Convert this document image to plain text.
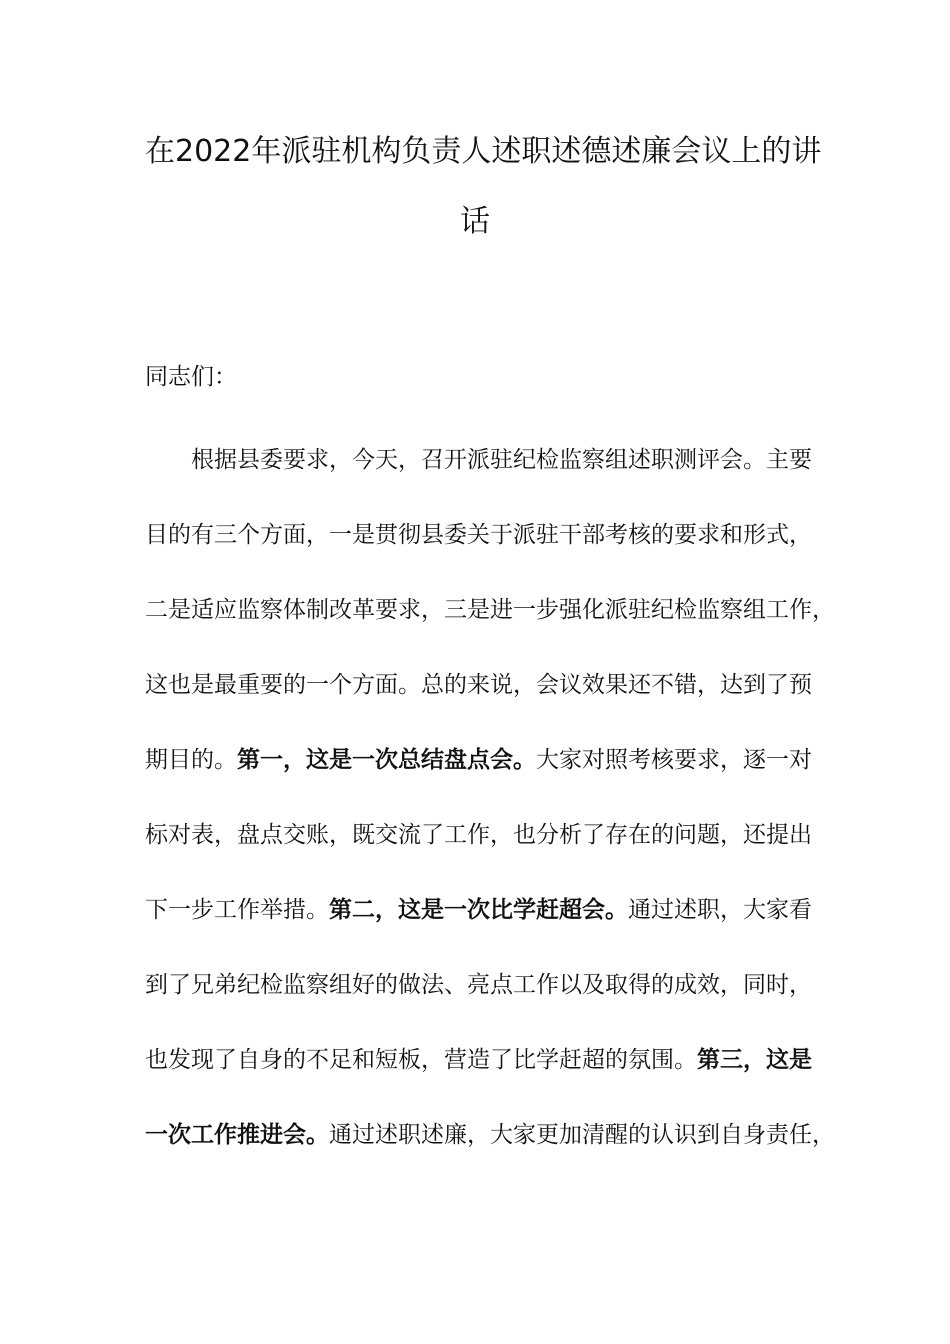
在2022年派驻机构负责人述职述德述廉会议上的讲
话
同志们：
根据县委要求，今天，召开派驻纪检监察组述职测评会。主要
目的有三个方面，一是贯彻县委关于派驻干部考核的要求和形式，
二是适应监察体制改革要求，三是进一步强化派驻纪检监察组工作，
这也是最重要的一个方面。总的来说，会议效果还不错，达到了预
期目的。第一，这是一次总结盘点会。大家对照考核要求，逐一对
标对表，盘点交账，既交流了工作，也分析了存在的问题，还提出
下一步工作举措。第二，这是一次比学赶超会。通过述职，大家看
到了兄弟纪检监察组好的做法、亮点工作以及取得的成效，同时，
也发现了自身的不足和短板，营造了比学赶超的氛围。第三，这是
一次工作推进会。通过述职述廉，大家更加清醒的认识到自身责任，
